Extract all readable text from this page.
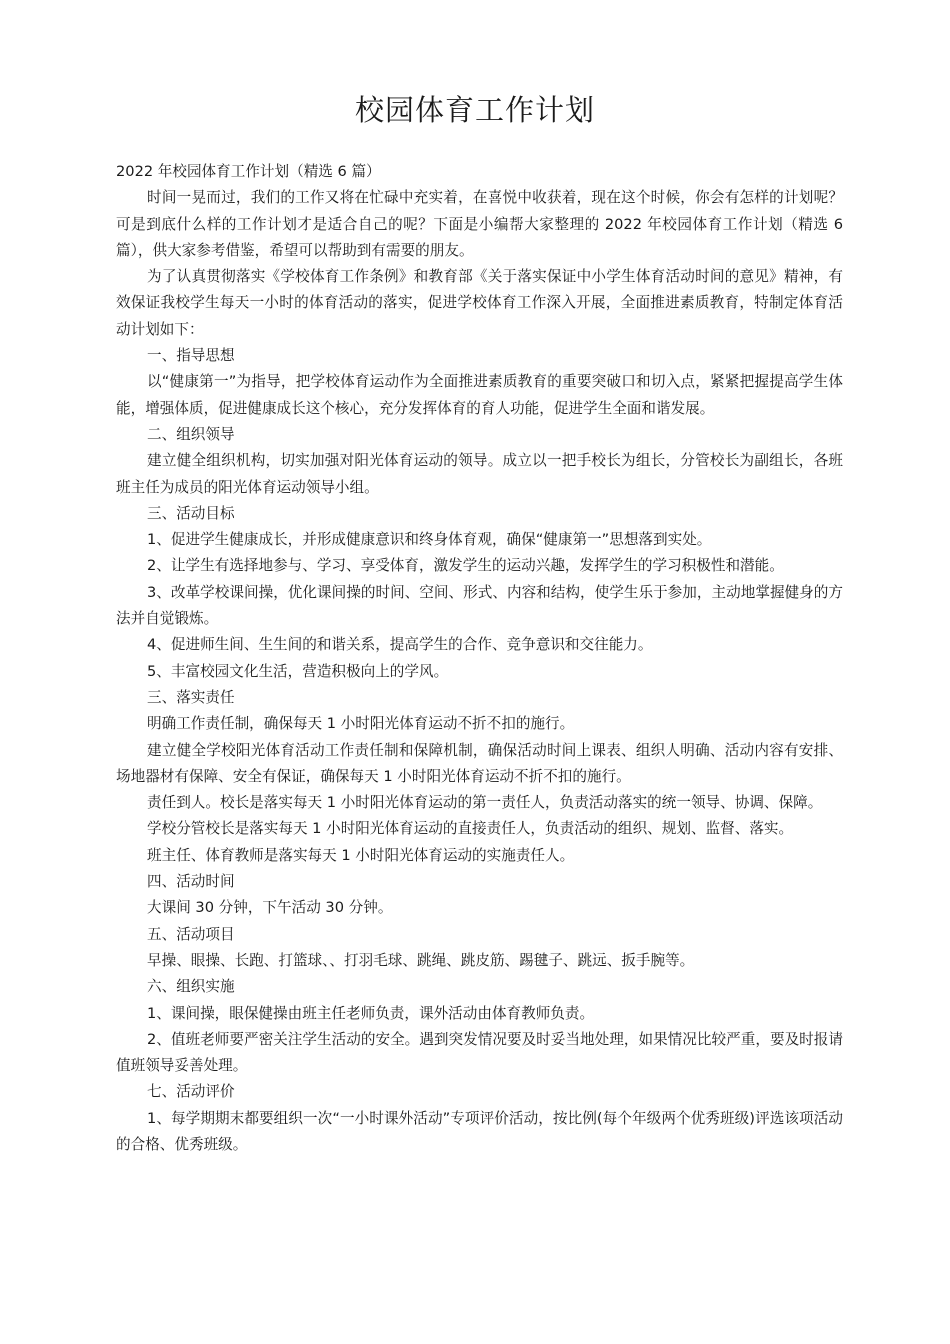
校园体育工作计划

2022 年校园体育工作计划（精选 6 篇）

时间一晃而过，我们的工作又将在忙碌中充实着，在喜悦中收获着，现在这个时候，你会有怎样的计划呢？可是到底什么样的工作计划才是适合自己的呢？下面是小编帮大家整理的 2022 年校园体育工作计划（精选 6 篇），供大家参考借鉴，希望可以帮助到有需要的朋友。

为了认真贯彻落实《学校体育工作条例》和教育部《关于落实保证中小学生体育活动时间的意见》精神，有效保证我校学生每天一小时的体育活动的落实，促进学校体育工作深入开展，全面推进素质教育，特制定体育活动计划如下：

一、指导思想

以“健康第一”为指导，把学校体育运动作为全面推进素质教育的重要突破口和切入点，紧紧把握提高学生体能，增强体质，促进健康成长这个核心，充分发挥体育的育人功能，促进学生全面和谐发展。

二、组织领导

建立健全组织机构，切实加强对阳光体育运动的领导。成立以一把手校长为组长，分管校长为副组长，各班班主任为成员的阳光体育运动领导小组。

三、活动目标

1、促进学生健康成长，并形成健康意识和终身体育观，确保“健康第一”思想落到实处。

2、让学生有选择地参与、学习、享受体育，激发学生的运动兴趣，发挥学生的学习积极性和潜能。

3、改革学校课间操，优化课间操的时间、空间、形式、内容和结构，使学生乐于参加，主动地掌握健身的方法并自觉锻炼。

4、促进师生间、生生间的和谐关系，提高学生的合作、竞争意识和交往能力。

5、丰富校园文化生活，营造积极向上的学风。

三、落实责任

明确工作责任制，确保每天 1 小时阳光体育运动不折不扣的施行。

建立健全学校阳光体育活动工作责任制和保障机制，确保活动时间上课表、组织人明确、活动内容有安排、场地器材有保障、安全有保证，确保每天 1 小时阳光体育运动不折不扣的施行。

责任到人。校长是落实每天 1 小时阳光体育运动的第一责任人，负责活动落实的统一领导、协调、保障。

学校分管校长是落实每天 1 小时阳光体育运动的直接责任人，负责活动的组织、规划、监督、落实。

班主任、体育教师是落实每天 1 小时阳光体育运动的实施责任人。

四、活动时间

大课间 30 分钟，下午活动 30 分钟。

五、活动项目

早操、眼操、长跑、打篮球、、打羽毛球、跳绳、跳皮筋、踢毽子、跳远、扳手腕等。

六、组织实施

1、课间操，眼保健操由班主任老师负责，课外活动由体育教师负责。

2、值班老师要严密关注学生活动的安全。遇到突发情况要及时妥当地处理，如果情况比较严重，要及时报请值班领导妥善处理。

七、活动评价

1、每学期期末都要组织一次“一小时课外活动”专项评价活动，按比例(每个年级两个优秀班级)评选该项活动的合格、优秀班级。
